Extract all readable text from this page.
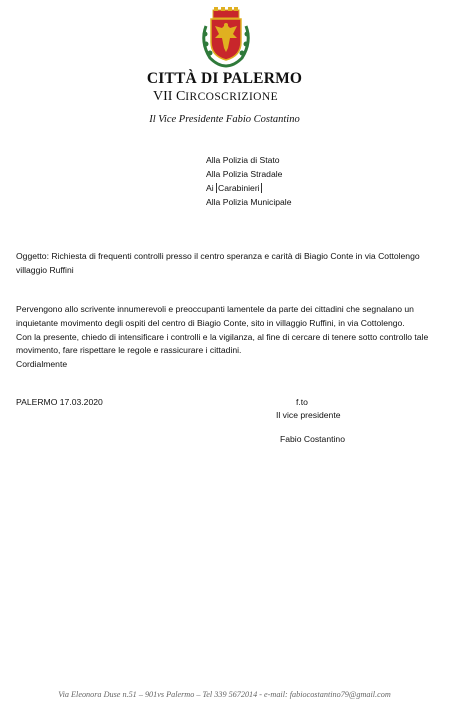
CITTÀ DI PALERMO
VII CIRCOSCRIZIONE
Il Vice Presidente Fabio Costantino
Alla Polizia di Stato
Alla Polizia Stradale
Ai Carabinieri
Alla Polizia Municipale
Oggetto: Richiesta di frequenti controlli presso il centro speranza e carità di Biagio Conte in via Cottolengo villaggio Ruffini

Pervengono allo scrivente innumerevoli e preoccupanti lamentele da parte dei cittadini che segnalano un inquietante movimento degli ospiti del centro di Biagio Conte, sito in villaggio Ruffini, in via Cottolengo.

Con la presente, chiedo di intensificare i controlli e la vigilanza, al fine di cercare di tenere sotto controllo tale movimento, fare rispettare le regole e rassicurare i cittadini.

Cordialmente

PALERMO 17.03.2020	f.to
Il vice presidente
Fabio Costantino
Via Eleonora Duse n.51 – 901vs Palermo – Tel 339 5672014 - e-mail: fabiocostantino79@gmail.com
